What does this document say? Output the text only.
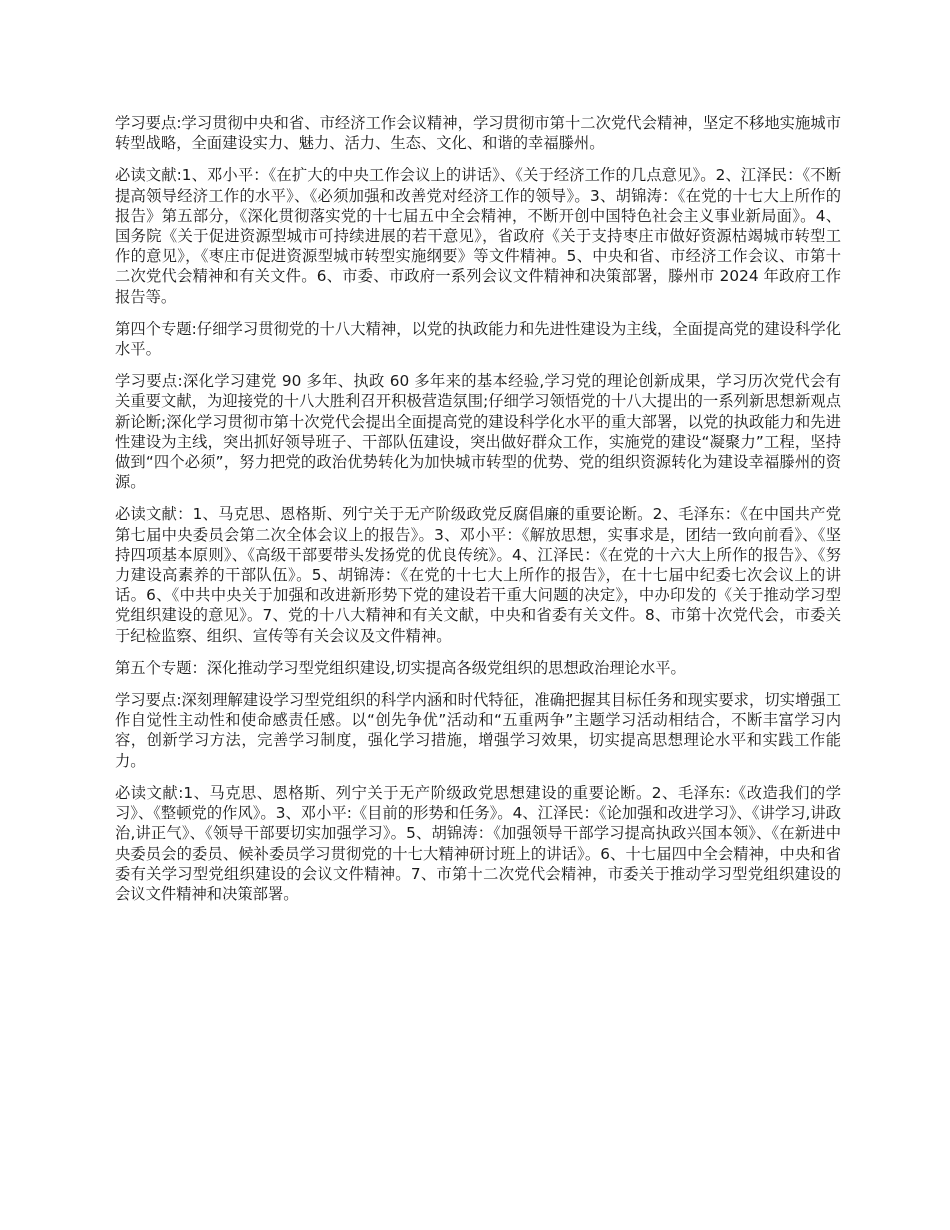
学习要点:学习贯彻中央和省、市经济工作会议精神，学习贯彻市第十二次党代会精神，坚定不移地实施城市转型战略，全面建设实力、魅力、活力、生态、文化、和谐的幸福滕州。

必读文献:1、邓小平：《在扩大的中央工作会议上的讲话》、《关于经济工作的几点意见》。2、江泽民：《不断提高领导经济工作的水平》、《必须加强和改善党对经济工作的领导》。3、胡锦涛：《在党的十七大上所作的报告》第五部分，《深化贯彻落实党的十七届五中全会精神，不断开创中国特色社会主义事业新局面》。4、国务院《关于促进资源型城市可持续进展的若干意见》，省政府《关于支持枣庄市做好资源枯竭城市转型工作的意见》，《枣庄市促进资源型城市转型实施纲要》等文件精神。5、中央和省、市经济工作会议、市第十二次党代会精神和有关文件。6、市委、市政府一系列会议文件精神和决策部署，滕州市 2024 年政府工作报告等。

第四个专题:仔细学习贯彻党的十八大精神，以党的执政能力和先进性建设为主线，全面提高党的建设科学化水平。

学习要点:深化学习建党 90 多年、执政 60 多年来的基本经验,学习党的理论创新成果，学习历次党代会有关重要文献，为迎接党的十八大胜利召开积极营造氛围;仔细学习领悟党的十八大提出的一系列新思想新观点新论断;深化学习贯彻市第十次党代会提出全面提高党的建设科学化水平的重大部署，以党的执政能力和先进性建设为主线，突出抓好领导班子、干部队伍建设，突出做好群众工作，实施党的建设“凝聚力”工程，坚持做到“四个必须”，努力把党的政治优势转化为加快城市转型的优势、党的组织资源转化为建设幸福滕州的资源。

必读文献：1、马克思、恩格斯、列宁关于无产阶级政党反腐倡廉的重要论断。2、毛泽东：《在中国共产党第七届中央委员会第二次全体会议上的报告》。3、邓小平：《解放思想，实事求是，团结一致向前看》、《坚持四项基本原则》、《高级干部要带头发扬党的优良传统》。4、江泽民：《在党的十六大上所作的报告》、《努力建设高素养的干部队伍》。5、胡锦涛：《在党的十七大上所作的报告》，在十七届中纪委七次会议上的讲话。6、《中共中央关于加强和改进新形势下党的建设若干重大问题的决定》，中办印发的《关于推动学习型党组织建设的意见》。7、党的十八大精神和有关文献，中央和省委有关文件。8、市第十次党代会，市委关于纪检监察、组织、宣传等有关会议及文件精神。

第五个专题：深化推动学习型党组织建设,切实提高各级党组织的思想政治理论水平。

学习要点:深刻理解建设学习型党组织的科学内涵和时代特征，准确把握其目标任务和现实要求，切实增强工作自觉性主动性和使命感责任感。以“创先争优”活动和“五重两争”主题学习活动相结合，不断丰富学习内容，创新学习方法，完善学习制度，强化学习措施，增强学习效果，切实提高思想理论水平和实践工作能力。

必读文献:1、马克思、恩格斯、列宁关于无产阶级政党思想建设的重要论断。2、毛泽东:《改造我们的学习》、《整顿党的作风》。3、邓小平:《目前的形势和任务》。4、江泽民：《论加强和改进学习》、《讲学习,讲政治,讲正气》、《领导干部要切实加强学习》。5、胡锦涛：《加强领导干部学习提高执政兴国本领》、《在新进中央委员会的委员、候补委员学习贯彻党的十七大精神研讨班上的讲话》。6、十七届四中全会精神，中央和省委有关学习型党组织建设的会议文件精神。7、市第十二次党代会精神，市委关于推动学习型党组织建设的会议文件精神和决策部署。
